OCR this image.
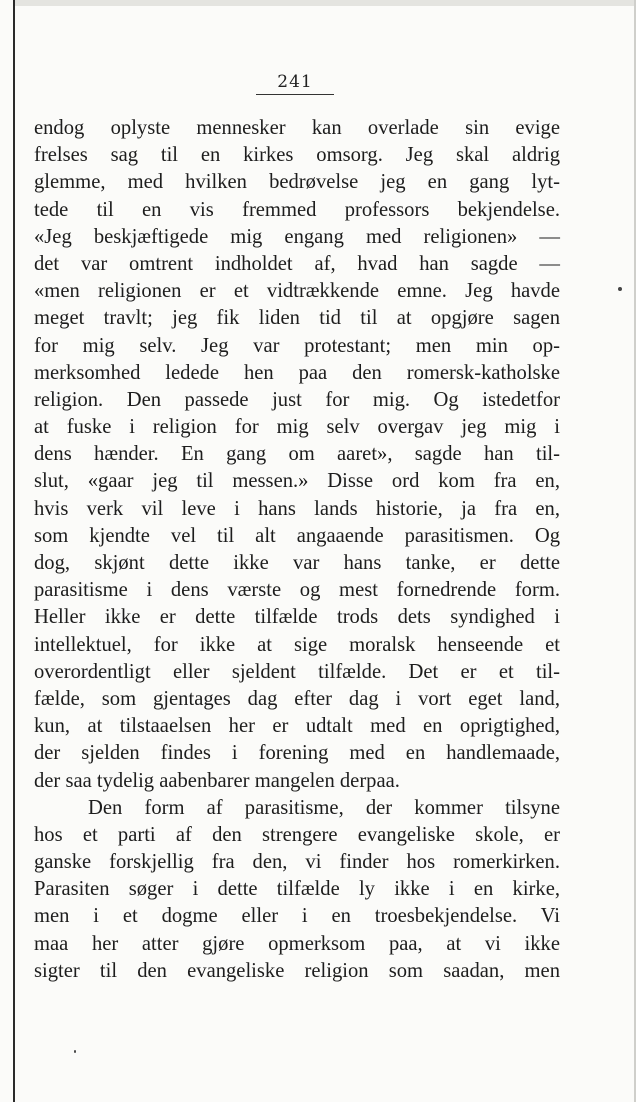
241
endog oplyste mennesker kan overlade sin evige
frelses sag til en kirkes omsorg. Jeg skal aldrig
glemme, med hvilken bedrøvelse jeg en gang lyt-
tede til en vis fremmed professors bekjendelse.
«Jeg beskjæftigede mig engang med religionen» —
det var omtrent indholdet af, hvad han sagde —
«men religionen er et vidtrækkende emne. Jeg havde
meget travlt; jeg fik liden tid til at opgjøre sagen
for mig selv. Jeg var protestant; men min op-
merksomhed ledede hen paa den romersk-katholske
religion. Den passede just for mig. Og istedetfor
at fuske i religion for mig selv overgav jeg mig i
dens hænder. En gang om aaret», sagde han til-
slut, «gaar jeg til messen.» Disse ord kom fra en,
hvis verk vil leve i hans lands historie, ja fra en,
som kjendte vel til alt angaaende parasitismen. Og
dog, skjønt dette ikke var hans tanke, er dette
parasitisme i dens værste og mest fornedrende form.
Heller ikke er dette tilfælde trods dets syndighed i
intellektuel, for ikke at sige moralsk henseende et
overordentligt eller sjeldent tilfælde. Det er et til-
fælde, som gjentages dag efter dag i vort eget land,
kun, at tilstaaelsen her er udtalt med en oprigtighed,
der sjelden findes i forening med en handlemaade,
der saa tydelig aabenbarer mangelen derpaa.
Den form af parasitisme, der kommer tilsyne
hos et parti af den strengere evangeliske skole, er
ganske forskjellig fra den, vi finder hos romerkirken.
Parasiten søger i dette tilfælde ly ikke i en kirke,
men i et dogme eller i en troesbekjendelse. Vi
maa her atter gjøre opmerksom paa, at vi ikke
sigter til den evangeliske religion som saadan, men
